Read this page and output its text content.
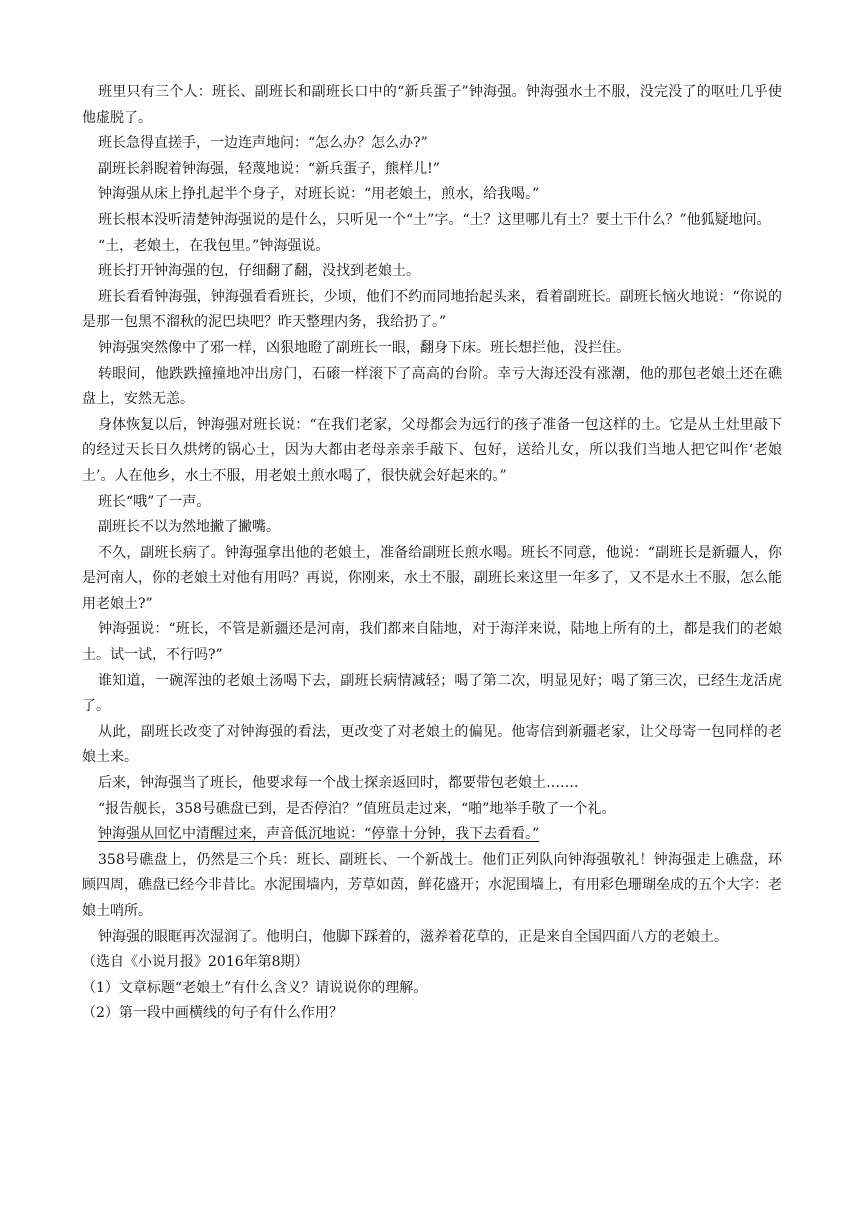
班里只有三个人：班长、副班长和副班长口中的“新兵蛋子”钟海强。钟海强水土不服，没完没了的呕吐几乎使他虚脱了。

班长急得直搓手，一边连声地问：“怎么办？怎么办?”

副班长斜睨着钟海强，轻蔑地说：“新兵蛋子，熊样儿!”

钟海强从床上挣扎起半个身子，对班长说：“用老娘土，煎水，给我喝。”

班长根本没听清楚钟海强说的是什么，只听见一个“土”字。“土？这里哪儿有土？要土干什么？”他狐疑地问。

“土，老娘土，在我包里。”钟海强说。

班长打开钟海强的包，仔细翻了翻，没找到老娘土。

班长看看钟海强，钟海强看看班长，少顷，他们不约而同地抬起头来，看着副班长。副班长恼火地说：“你说的是那一包黑不溜秋的泥巴块吧？昨天整理内务，我给扔了。”

钟海强突然像中了邪一样，凶狠地瞪了副班长一眼，翻身下床。班长想拦他，没拦住。

转眼间，他跌跌撞撞地冲出房门，石磙一样滚下了高高的台阶。幸亏大海还没有涨潮，他的那包老娘土还在礁盘上，安然无恙。

身体恢复以后，钟海强对班长说：“在我们老家，父母都会为远行的孩子准备一包这样的土。它是从土灶里敲下的经过天长日久烘烤的锅心土，因为大都由老母亲亲手敲下、包好，送给儿女，所以我们当地人把它叫作‘老娘土’。人在他乡，水土不服，用老娘土煎水喝了，很快就会好起来的。”

班长“哦”了一声。

副班长不以为然地撇了撇嘴。

不久，副班长病了。钟海强拿出他的老娘土，准备给副班长煎水喝。班长不同意，他说：“副班长是新疆人，你是河南人，你的老娘土对他有用吗？再说，你刚来，水土不服，副班长来这里一年多了，又不是水土不服，怎么能用老娘土?”

钟海强说：“班长，不管是新疆还是河南，我们都来自陆地，对于海洋来说，陆地上所有的土，都是我们的老娘土。试一试，不行吗?”

谁知道，一碗浑浊的老娘土汤喝下去，副班长病情减轻；喝了第二次，明显见好；喝了第三次，已经生龙活虎了。

从此，副班长改变了对钟海强的看法，更改变了对老娘土的偏见。他寄信到新疆老家，让父母寄一包同样的老娘土来。

后来，钟海强当了班长，他要求每一个战士探亲返回时，都要带包老娘土…….

“报告舰长，358号礁盘已到，是否停泊？”值班员走过来，“啪”地举手敬了一个礼。

钟海强从回忆中清醒过来，声音低沉地说：“停靠十分钟，我下去看看。”

358号礁盘上，仍然是三个兵：班长、副班长、一个新战士。他们正列队向钟海强敬礼！钟海强走上礁盘，环顾四周，礁盘已经今非昔比。水泥围墙内，芳草如茵，鲜花盛开；水泥围墙上，有用彩色珊瑚垒成的五个大字：老娘土哨所。

钟海强的眼眶再次湿润了。他明白，他脚下踩着的，滋养着花草的，正是来自全国四面八方的老娘土。

（选自《小说月报》2016年第8期）

（1）文章标题“老娘土”有什么含义？请说说你的理解。

（2）第一段中画横线的句子有什么作用？
